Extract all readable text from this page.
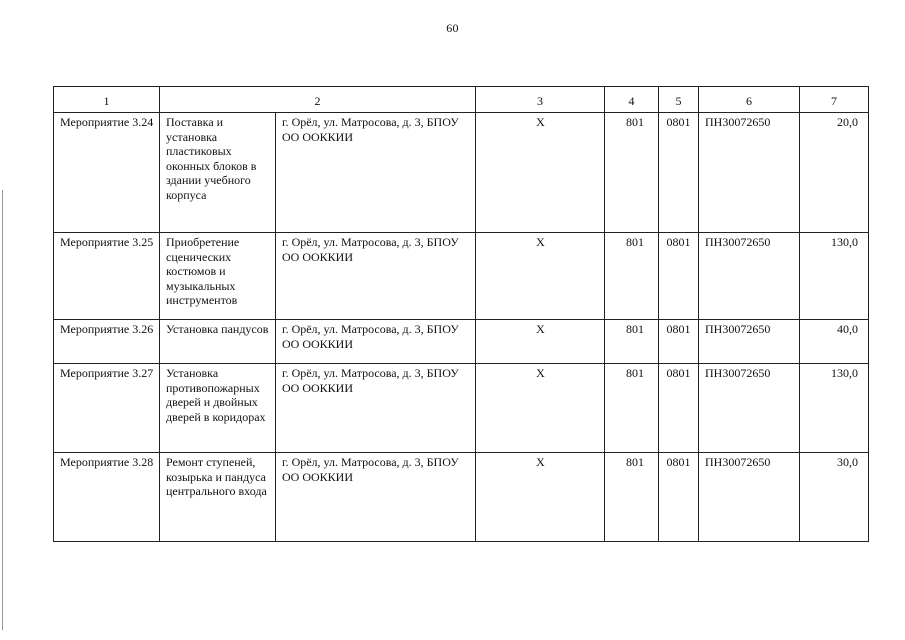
60
1	2		3	4	5	6	7
Мероприятие 3.24	Поставка и установка пластиковых оконных блоков в здании учебного корпуса	г. Орёл, ул. Матросова, д. 3, БПОУ ОО ООККИИ	Х	801	0801	ПН30072650	20,0
Мероприятие 3.25	Приобретение сценических костюмов и музыкальных инструментов	г. Орёл, ул. Матросова, д. 3, БПОУ ОО ООККИИ	Х	801	0801	ПН30072650	130,0
Мероприятие 3.26	Установка пандусов	г. Орёл, ул. Матросова, д. 3, БПОУ ОО ООККИИ	Х	801	0801	ПН30072650	40,0
Мероприятие 3.27	Установка противопожарных дверей и двойных дверей в коридорах	г. Орёл, ул. Матросова, д. 3, БПОУ ОО ООККИИ	Х	801	0801	ПН30072650	130,0
Мероприятие 3.28	Ремонт ступеней, козырька и пандуса центрального входа	г. Орёл, ул. Матросова, д. 3, БПОУ ОО ООККИИ	Х	801	0801	ПН30072650	30,0
